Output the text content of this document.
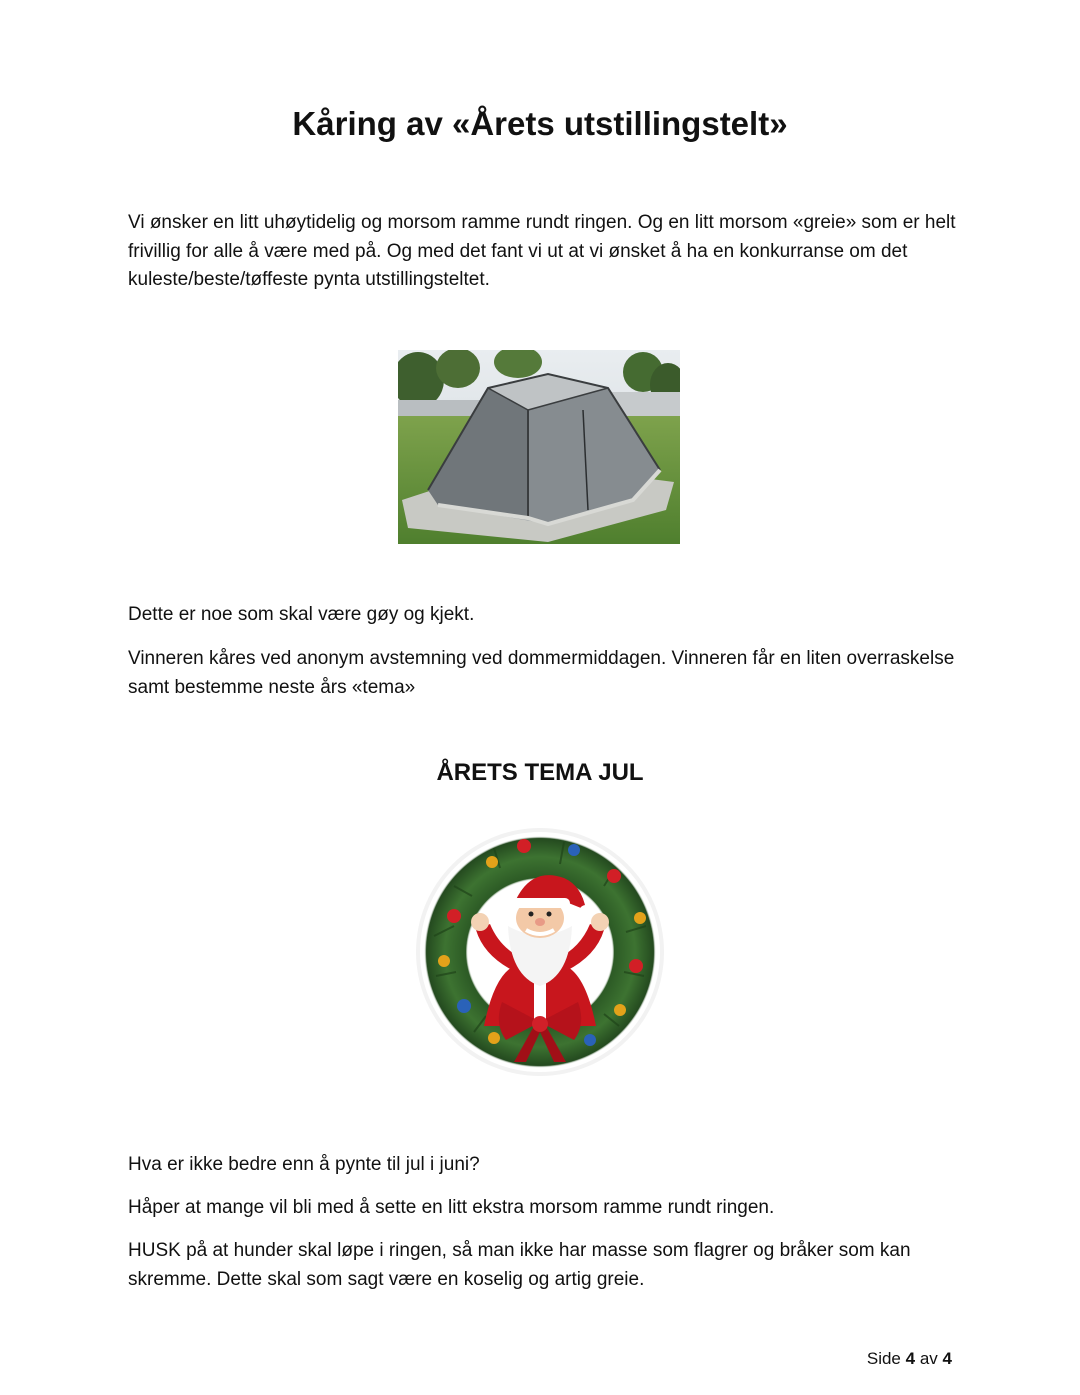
Kåring av «Årets utstillingstelt»

Vi ønsker en litt uhøytidelig og morsom ramme rundt ringen. Og en litt morsom «greie» som er helt frivillig for alle å være med på. Og med det fant vi ut at vi ønsket å ha en konkurranse om det kuleste/beste/tøffeste pynta utstillingsteltet.

Dette er noe som skal være gøy og kjekt.

Vinneren kåres ved anonym avstemning ved dommermiddagen. Vinneren får en liten overraskelse samt bestemme neste års «tema»

ÅRETS TEMA JUL

Hva er ikke bedre enn å pynte til jul i juni?

Håper at mange vil bli med å sette en litt ekstra morsom ramme rundt ringen.

HUSK på at hunder skal løpe i ringen, så man ikke har masse som flagrer og bråker som kan skremme. Dette skal som sagt være en koselig og artig greie.

Side 4 av 4
